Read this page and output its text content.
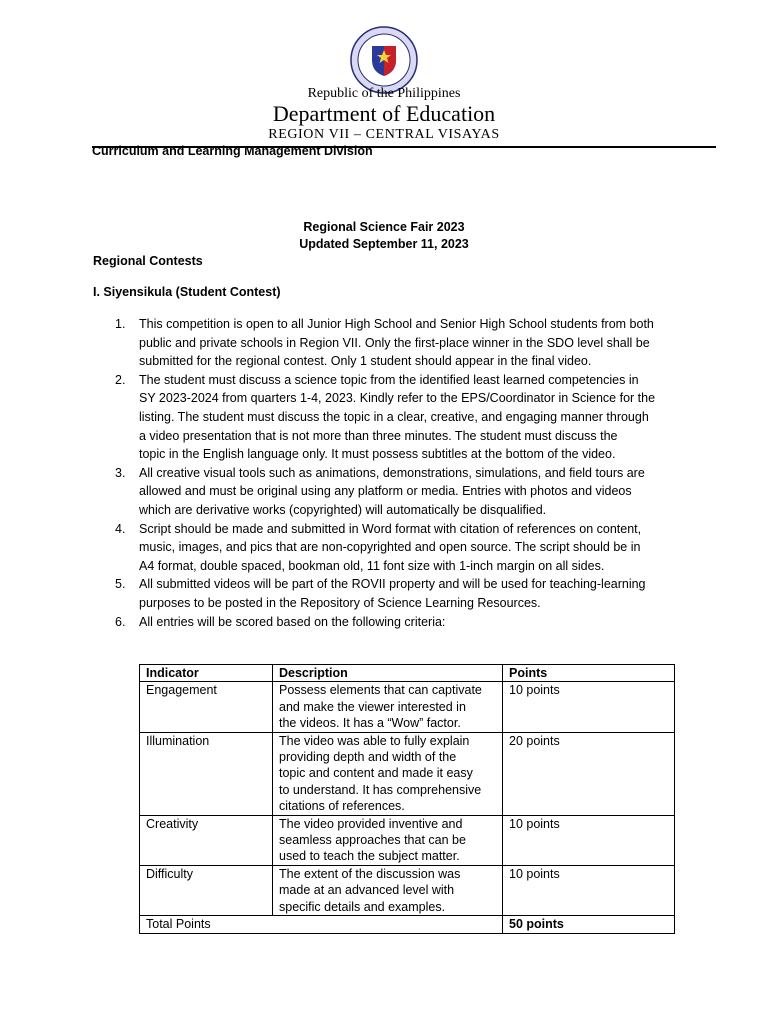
Republic of the Philippines
Department of Education
REGION VII – CENTRAL VISAYAS
Curriculum and Learning Management Division
Regional Science Fair 2023
Updated September 11, 2023
Regional Contests
I. Siyensikula (Student Contest)
1. This competition is open to all Junior High School and Senior High School students from both
public and private schools in Region VII. Only the first-place winner in the SDO level shall be
submitted for the regional contest. Only 1 student should appear in the final video.
2. The student must discuss a science topic from the identified least learned competencies in
SY 2023-2024 from quarters 1-4, 2023. Kindly refer to the EPS/Coordinator in Science for the
listing. The student must discuss the topic in a clear, creative, and engaging manner through
a video presentation that is not more than three minutes. The student must discuss the
topic in the English language only. It must possess subtitles at the bottom of the video.
3. All creative visual tools such as animations, demonstrations, simulations, and field tours are
allowed and must be original using any platform or media. Entries with photos and videos
which are derivative works (copyrighted) will automatically be disqualified.
4. Script should be made and submitted in Word format with citation of references on content,
music, images, and pics that are non-copyrighted and open source. The script should be in
A4 format, double spaced, bookman old, 11 font size with 1-inch margin on all sides.
5. All submitted videos will be part of the ROVII property and will be used for teaching-learning
purposes to be posted in the Repository of Science Learning Resources.
6. All entries will be scored based on the following criteria:
Indicator	Description	Points
Engagement	Possess elements that can captivate
and make the viewer interested in
the videos. It has a “Wow” factor.	10 points
Illumination	The video was able to fully explain
providing depth and width of the
topic and content and made it easy
to understand. It has comprehensive
citations of references.	20 points
Creativity	The video provided inventive and
seamless approaches that can be
used to teach the subject matter.	10 points
Difficulty	The extent of the discussion was
made at an advanced level with
specific details and examples.	10 points
Total Points		50 points
